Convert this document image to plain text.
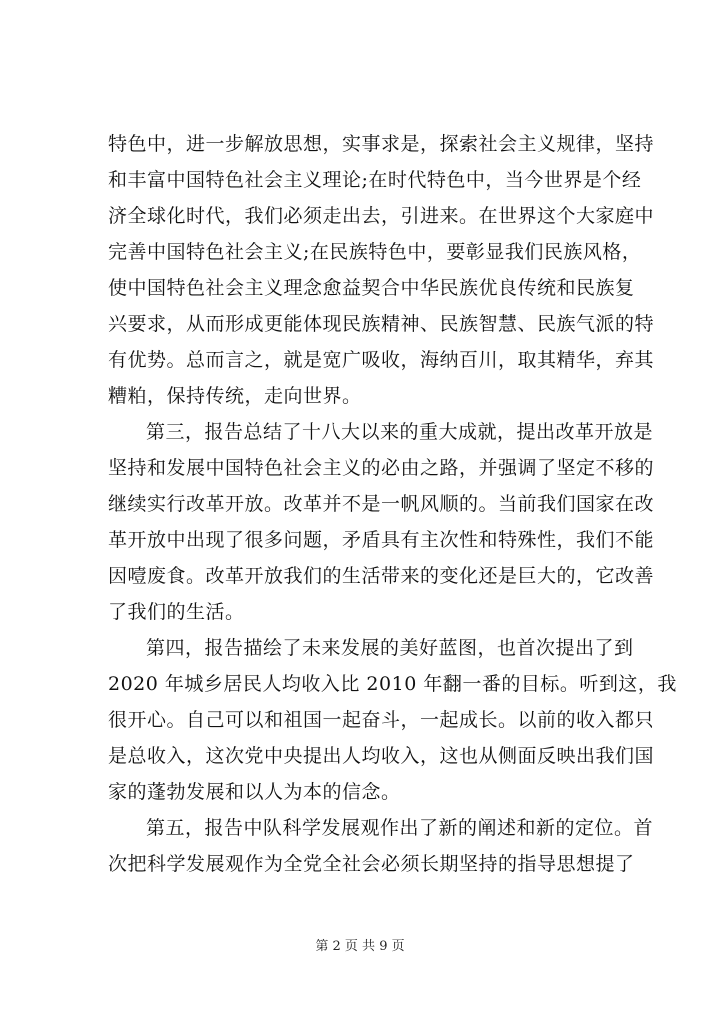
特色中，进一步解放思想，实事求是，探索社会主义规律，坚持
和丰富中国特色社会主义理论;在时代特色中，当今世界是个经
济全球化时代，我们必须走出去，引进来。在世界这个大家庭中
完善中国特色社会主义;在民族特色中，要彰显我们民族风格，
使中国特色社会主义理念愈益契合中华民族优良传统和民族复
兴要求，从而形成更能体现民族精神、民族智慧、民族气派的特
有优势。总而言之，就是宽广吸收，海纳百川，取其精华，弃其
糟粕，保持传统，走向世界。
第三，报告总结了十八大以来的重大成就，提出改革开放是
坚持和发展中国特色社会主义的必由之路，并强调了坚定不移的
继续实行改革开放。改革并不是一帆风顺的。当前我们国家在改
革开放中出现了很多问题，矛盾具有主次性和特殊性，我们不能
因噎废食。改革开放我们的生活带来的变化还是巨大的，它改善
了我们的生活。
第四，报告描绘了未来发展的美好蓝图，也首次提出了到
2020 年城乡居民人均收入比 2010 年翻一番的目标。听到这，我
很开心。自己可以和祖国一起奋斗，一起成长。以前的收入都只
是总收入，这次党中央提出人均收入，这也从侧面反映出我们国
家的蓬勃发展和以人为本的信念。
第五，报告中队科学发展观作出了新的阐述和新的定位。首
次把科学发展观作为全党全社会必须长期坚持的指导思想提了
第 2 页 共 9 页
